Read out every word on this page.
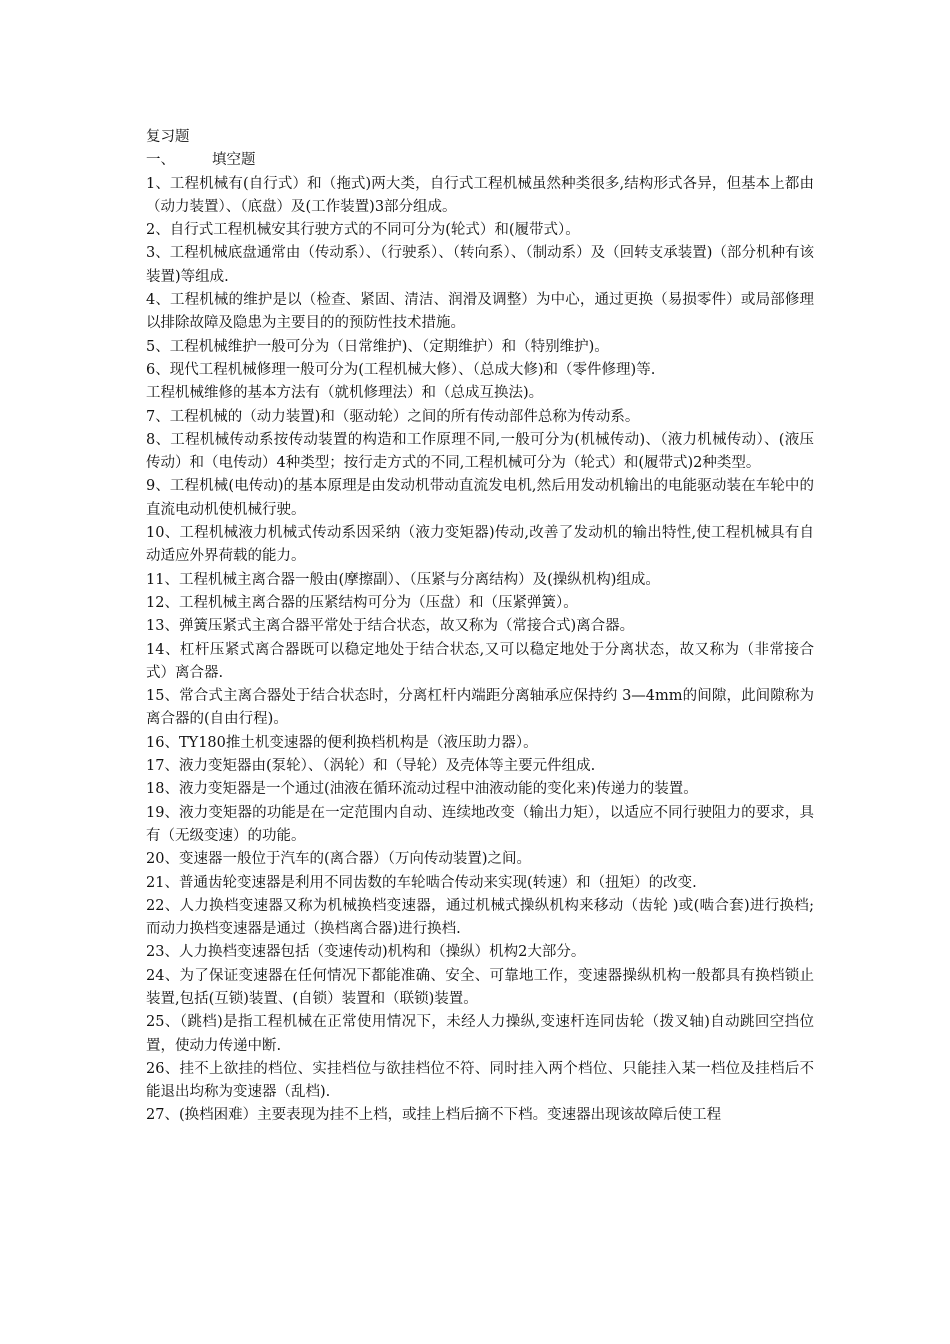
复习题

一、	填空题

1、工程机械有(自行式）和（拖式)两大类，自行式工程机械虽然种类很多,结构形式各异，但基本上都由（动力装置）、（底盘）及(工作装置)3部分组成。

2、自行式工程机械安其行驶方式的不同可分为(轮式）和(履带式）。

3、工程机械底盘通常由（传动系）、（行驶系）、（转向系）、（制动系）及（回转支承装置)（部分机种有该装置)等组成.

4、工程机械的维护是以（检查、紧固、清洁、润滑及调整）为中心，通过更换（易损零件）或局部修理以排除故障及隐患为主要目的的预防性技术措施。

5、工程机械维护一般可分为（日常维护)、（定期维护）和（特别维护)。

6、现代工程机械修理一般可分为(工程机械大修）、（总成大修)和（零件修理)等.

工程机械维修的基本方法有（就机修理法）和（总成互换法)。

7、工程机械的（动力装置)和（驱动轮）之间的所有传动部件总称为传动系。

8、工程机械传动系按传动装置的构造和工作原理不同,一般可分为(机械传动)、（液力机械传动）、(液压传动）和（电传动）4种类型；按行走方式的不同,工程机械可分为（轮式）和(履带式)2种类型。

9、工程机械(电传动)的基本原理是由发动机带动直流发电机,然后用发动机输出的电能驱动装在车轮中的直流电动机使机械行驶。

10、工程机械液力机械式传动系因采纳（液力变矩器)传动,改善了发动机的输出特性,使工程机械具有自动适应外界荷载的能力。

11、工程机械主离合器一般由(摩擦副）、（压紧与分离结构）及(操纵机构)组成。

12、工程机械主离合器的压紧结构可分为（压盘）和（压紧弹簧）。

13、弹簧压紧式主离合器平常处于结合状态，故又称为（常接合式)离合器。

14、杠杆压紧式离合器既可以稳定地处于结合状态,又可以稳定地处于分离状态，故又称为（非常接合式）离合器.

15、常合式主离合器处于结合状态时，分离杠杆内端距分离轴承应保持约 3—4mm的间隙，此间隙称为离合器的(自由行程)。

16、TY180推土机变速器的便利换档机构是（液压助力器）。

17、液力变矩器由(泵轮）、（涡轮）和（导轮）及壳体等主要元件组成.

18、液力变矩器是一个通过(油液在循环流动过程中油液动能的变化来)传递力的装置。

19、液力变矩器的功能是在一定范围内自动、连续地改变（输出力矩），以适应不同行驶阻力的要求，具有（无级变速）的功能。

20、变速器一般位于汽车的(离合器）（万向传动装置)之间。

21、普通齿轮变速器是利用不同齿数的车轮啮合传动来实现(转速）和（扭矩）的改变.

22、人力换档变速器又称为机械换档变速器，通过机械式操纵机构来移动（齿轮 )或(啮合套)进行换档;而动力换档变速器是通过（换档离合器)进行换档.

23、人力换档变速器包括（变速传动)机构和（操纵）机构2大部分。

24、为了保证变速器在任何情况下都能准确、安全、可靠地工作，变速器操纵机构一般都具有换档锁止装置,包括(互锁)装置、(自锁）装置和（联锁)装置。

25、（跳档)是指工程机械在正常使用情况下，未经人力操纵,变速杆连同齿轮（拨叉轴)自动跳回空挡位置，使动力传递中断.

26、挂不上欲挂的档位、实挂档位与欲挂档位不符、同时挂入两个档位、只能挂入某一档位及挂档后不能退出均称为变速器（乱档).

27、(换档困难）主要表现为挂不上档，或挂上档后摘不下档。变速器出现该故障后使工程
